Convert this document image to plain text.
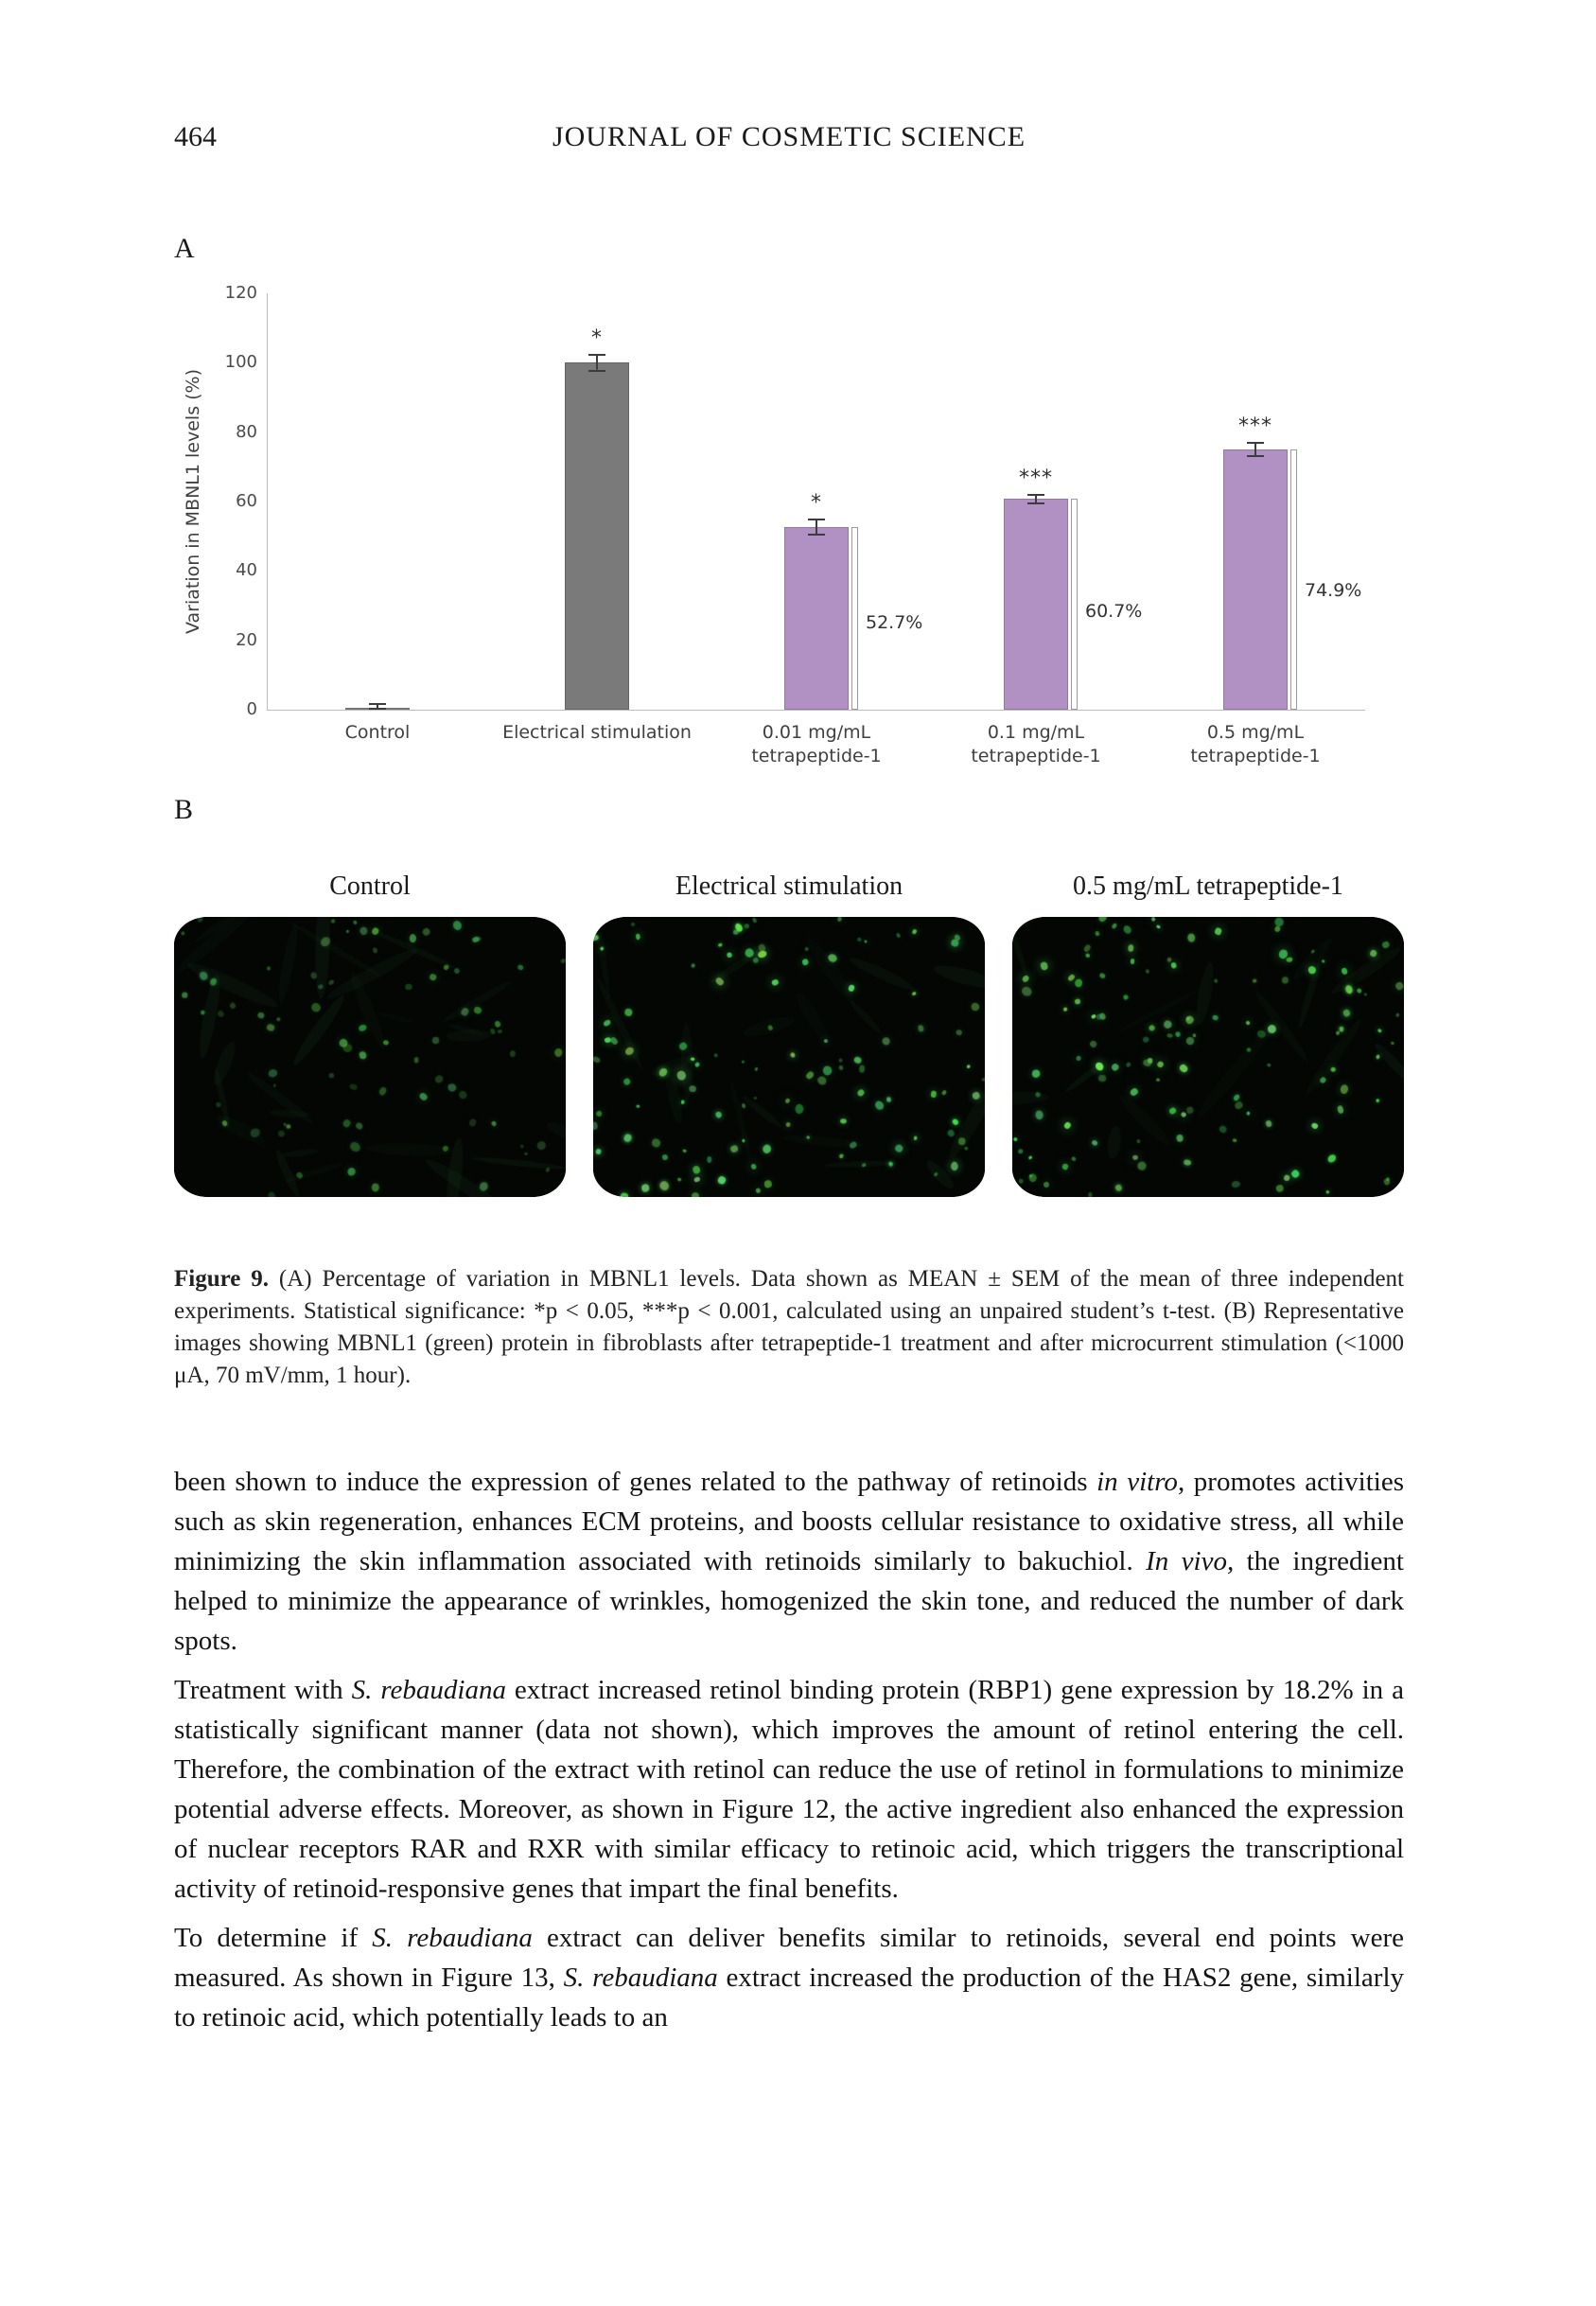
464	JOURNAL OF COSMETIC SCIENCE
A
Variation in MBNL1 levels (%)
0
20
40
60
80
100
120
Control
*
Electrical stimulation
*
52.7%
0.01 mg/mL
tetrapeptide-1
***
60.7%
0.1 mg/mL
tetrapeptide-1
***
74.9%
0.5 mg/mL
tetrapeptide-1
B
Control	Electrical stimulation	0.5 mg/mL tetrapeptide-1
Figure 9. (A) Percentage of variation in MBNL1 levels. Data shown as MEAN ± SEM of the mean of three independent experiments. Statistical significance: *p < 0.05, ***p < 0.001, calculated using an unpaired student’s t-test. (B) Representative images showing MBNL1 (green) protein in fibroblasts after tetrapeptide-1 treatment and after microcurrent stimulation (<1000 μA, 70 mV/mm, 1 hour).

been shown to induce the expression of genes related to the pathway of retinoids in vitro, promotes activities such as skin regeneration, enhances ECM proteins, and boosts cellular resistance to oxidative stress, all while minimizing the skin inflammation associated with retinoids similarly to bakuchiol. In vivo, the ingredient helped to minimize the appearance of wrinkles, homogenized the skin tone, and reduced the number of dark spots.

Treatment with S. rebaudiana extract increased retinol binding protein (RBP1) gene expression by 18.2% in a statistically significant manner (data not shown), which improves the amount of retinol entering the cell. Therefore, the combination of the extract with retinol can reduce the use of retinol in formulations to minimize potential adverse effects. Moreover, as shown in Figure 12, the active ingredient also enhanced the expression of nuclear receptors RAR and RXR with similar efficacy to retinoic acid, which triggers the transcriptional activity of retinoid-responsive genes that impart the final benefits.

To determine if S. rebaudiana extract can deliver benefits similar to retinoids, several end points were measured. As shown in Figure 13, S. rebaudiana extract increased the production of the HAS2 gene, similarly to retinoic acid, which potentially leads to an
